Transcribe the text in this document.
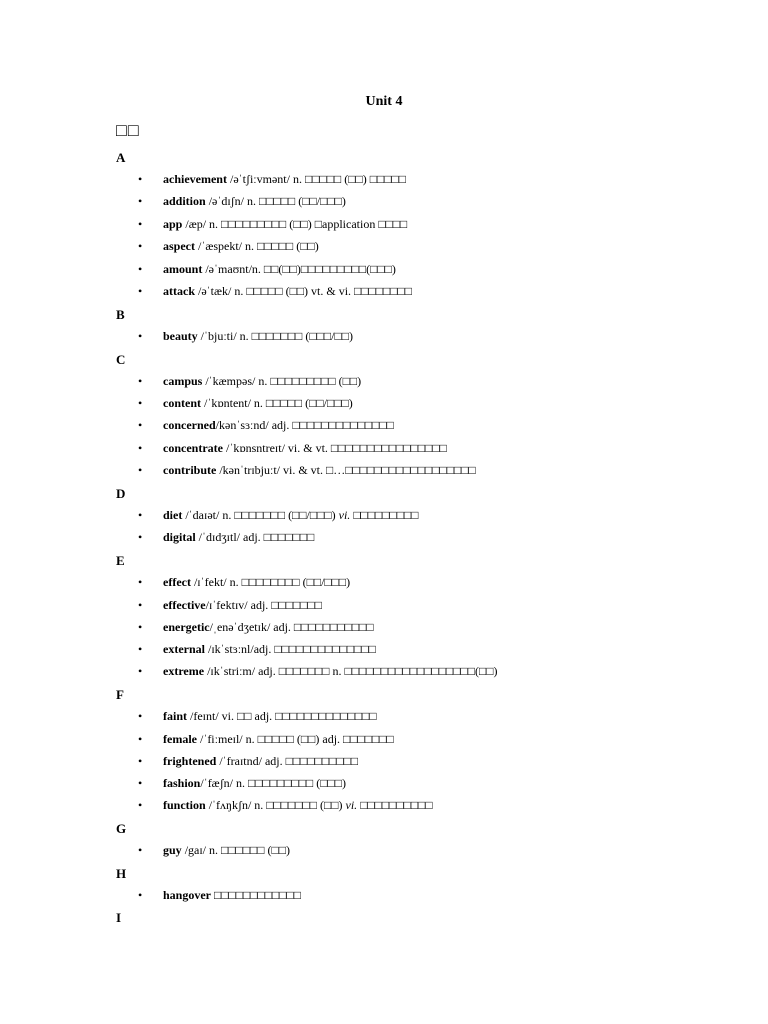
Unit 4
□□
A
• achievement /əˈtʃiːvmənt/ n. □□□□□ (□□) □□□□□
• addition /əˈdɪʃn/ n. □□□□□ (□□/□□□)
• app /æp/ n. □□□□□□□□□ (□□) □application □□□□
• aspect /ˈæspekt/ n. □□□□□ (□□)
• amount /əˈmaʊnt/n. □□(□□)□□□□□□□□□(□□□)
• attack /əˈtæk/ n. □□□□□ (□□) vt. & vi. □□□□□□□□
B
• beauty /ˈbjuːti/ n. □□□□□□□ (□□□/□□)
C
• campus /ˈkæmpəs/ n. □□□□□□□□□ (□□)
• content /ˈkɒntent/ n. □□□□□ (□□/□□□)
• concerned/kənˈsɜːnd/ adj. □□□□□□□□□□□□□□
• concentrate /ˈkɒnsntreɪt/ vi. & vt. □□□□□□□□□□□□□□□□
• contribute /kənˈtrɪbjuːt/ vi. & vt. □…□□□□□□□□□□□□□□□□□□
D
• diet /ˈdaɪət/ n. □□□□□□□ (□□/□□□) vi. □□□□□□□□□
• digital /ˈdɪdʒɪtl/ adj. □□□□□□□
E
• effect /ɪˈfekt/ n. □□□□□□□□ (□□/□□□)
• effective/ɪˈfektɪv/ adj. □□□□□□□
• energetic/ˌenəˈdʒetɪk/ adj. □□□□□□□□□□□
• external /ɪkˈstɜːnl/adj. □□□□□□□□□□□□□□
• extreme /ɪkˈstriːm/ adj. □□□□□□□ n. □□□□□□□□□□□□□□□□□□(□□)
F
• faint /feɪnt/ vi. □□ adj. □□□□□□□□□□□□□□
• female /ˈfiːmeɪl/ n. □□□□□ (□□) adj. □□□□□□□
• frightened /ˈfraɪtnd/ adj. □□□□□□□□□□
• fashion/ˈfæʃn/ n. □□□□□□□□□ (□□□)
• function /ˈfʌŋkʃn/ n. □□□□□□□ (□□) vi. □□□□□□□□□□
G
• guy /gaɪ/ n. □□□□□□ (□□)
H
• hangover □□□□□□□□□□□□
I
